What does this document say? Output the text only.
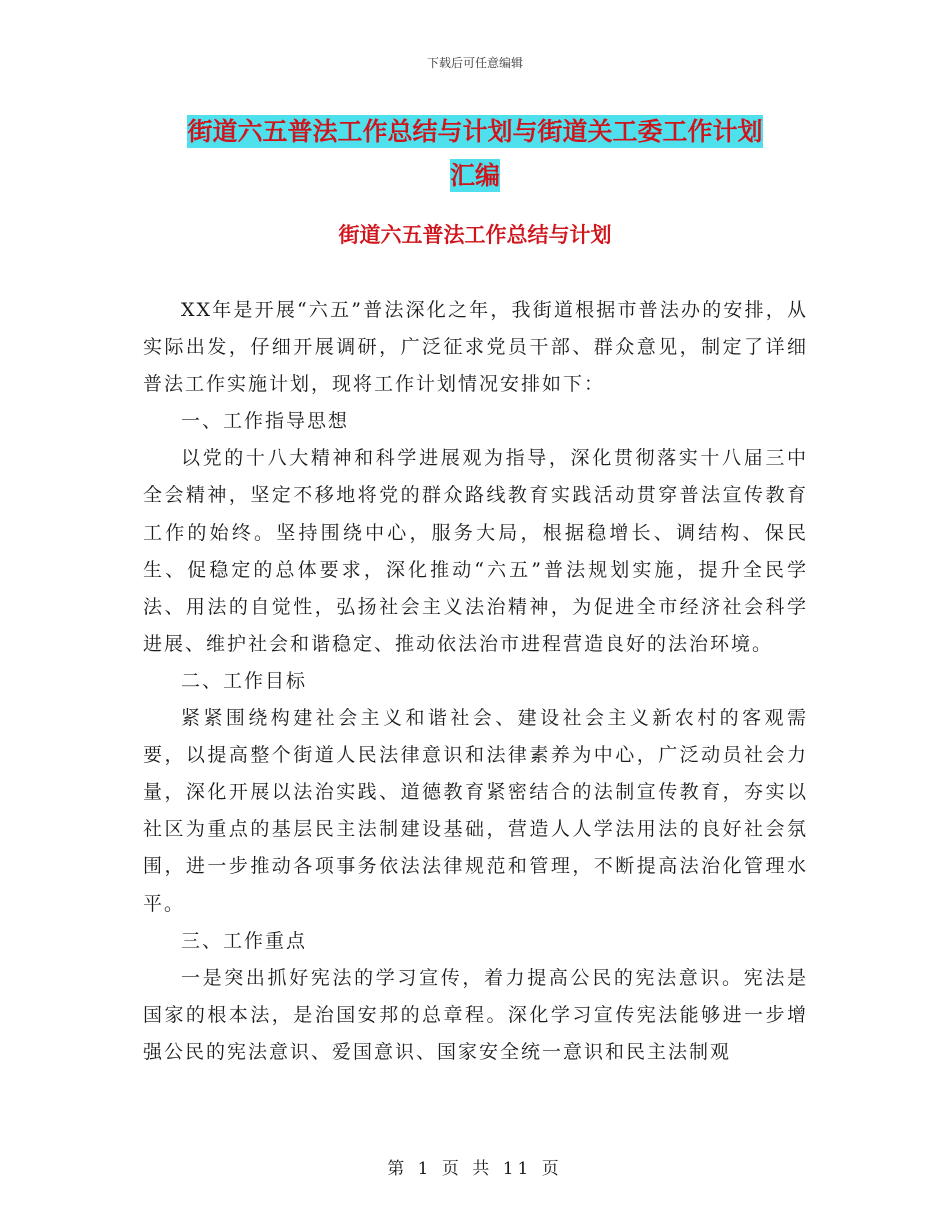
下载后可任意编辑
街道六五普法工作总结与计划与街道关工委工作计划
汇编
街道六五普法工作总结与计划

XX年是开展“六五”普法深化之年，我街道根据市普法办的安排，从实际出发，仔细开展调研，广泛征求党员干部、群众意见，制定了详细普法工作实施计划，现将工作计划情况安排如下：

一、工作指导思想

以党的十八大精神和科学进展观为指导，深化贯彻落实十八届三中全会精神，坚定不移地将党的群众路线教育实践活动贯穿普法宣传教育工作的始终。坚持围绕中心，服务大局，根据稳增长、调结构、保民生、促稳定的总体要求，深化推动“六五”普法规划实施，提升全民学法、用法的自觉性，弘扬社会主义法治精神，为促进全市经济社会科学进展、维护社会和谐稳定、推动依法治市进程营造良好的法治环境。

二、工作目标

紧紧围绕构建社会主义和谐社会、建设社会主义新农村的客观需要，以提高整个街道人民法律意识和法律素养为中心，广泛动员社会力量，深化开展以法治实践、道德教育紧密结合的法制宣传教育，夯实以社区为重点的基层民主法制建设基础，营造人人学法用法的良好社会氛围，进一步推动各项事务依法法律规范和管理，不断提高法治化管理水平。

三、工作重点

一是突出抓好宪法的学习宣传，着力提高公民的宪法意识。宪法是国家的根本法，是治国安邦的总章程。深化学习宣传宪法能够进一步增强公民的宪法意识、爱国意识、国家安全统一意识和民主法制观

第 1 页 共 11 页
